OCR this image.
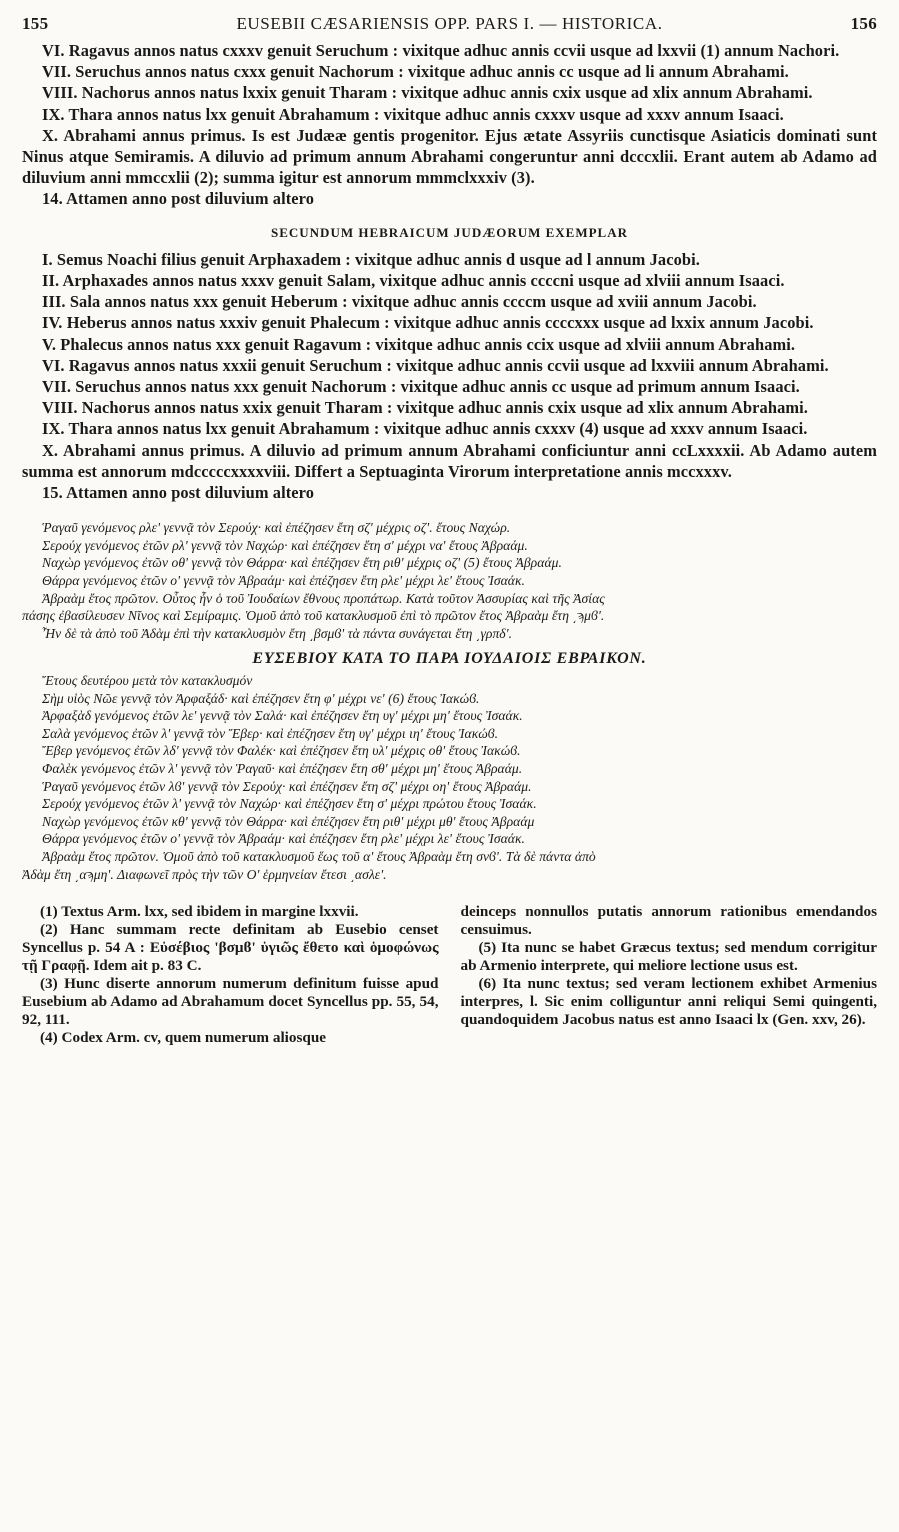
155	EUSEBII CÆSARIENSIS OPP. PARS I. — HISTORICA.	156

VI. Ragavus annos natus cxxxv genuit Seruchum : vixitque adhuc annis ccvii usque ad lxxvii (1) annum Nachori.

VII. Seruchus annos natus cxxx genuit Nachorum : vixitque adhuc annis cc usque ad li annum Abrahami.

VIII. Nachorus annos natus lxxix genuit Tharam : vixitque adhuc annis cxix usque ad xlix annum Abrahami.

IX. Thara annos natus lxx genuit Abrahamum : vixitque adhuc annis cxxxv usque ad xxxv annum Isaaci.

X. Abrahami annus primus. Is est Judææ gentis progenitor. Ejus ætate Assyriis cunctisque Asiaticis dominati sunt Ninus atque Semiramis. A diluvio ad primum annum Abrahami congeruntur anni dcccxlii. Erant autem ab Adamo ad diluvium anni mmccxlii (2); summa igitur est annorum mmmclxxxiv (3).

14. Attamen anno post diluvium altero

SECUNDUM HEBRAICUM JUDÆORUM EXEMPLAR

I. Semus Noachi filius genuit Arphaxadem : vixitque adhuc annis d usque ad l annum Jacobi.

II. Arphaxades annos natus xxxv genuit Salam, vixitque adhuc annis ccccni usque ad xlviii annum Isaaci.

III. Sala annos natus xxx genuit Heberum : vixitque adhuc annis ccccm usque ad xviii annum Jacobi.

IV. Heberus annos natus xxxiv genuit Phalecum : vixitque adhuc annis ccccxxx usque ad lxxix annum Jacobi.

V. Phalecus annos natus xxx genuit Ragavum : vixitque adhuc annis ccix usque ad xlviii annum Abrahami.

VI. Ragavus annos natus xxxii genuit Seruchum : vixitque adhuc annis ccvii usque ad lxxviii annum Abrahami.

VII. Seruchus annos natus xxx genuit Nachorum : vixitque adhuc annis cc usque ad primum annum Isaaci.

VIII. Nachorus annos natus xxix genuit Tharam : vixitque adhuc annis cxix usque ad xlix annum Abrahami.

IX. Thara annos natus lxx genuit Abrahamum : vixitque adhuc annis cxxxv (4) usque ad xxxv annum Isaaci.

X. Abrahami annus primus. A diluvio ad primum annum Abrahami conficiuntur anni ccLxxxxii. Ab Adamo autem summa est annorum mdcccccxxxxviii. Differt a Septuaginta Virorum interpretatione annis mccxxxv.

15. Attamen anno post diluvium altero

Ῥαγαῦ γενόμενος ρλε' γεννᾷ τὸν Σερούχ· καὶ ἐπέζησεν ἔτη σζ' μέχρις οζ'. ἔτους Ναχώρ.

Σερούχ γενόμενος ἐτῶν ρλ' γεννᾷ τὸν Ναχώρ· καὶ ἐπέζησεν ἔτη σ' μέχρι να' ἔτους Ἀβραάμ.

Ναχὼρ γενόμενος ἐτῶν οθ' γεννᾷ τὸν Θάρρα· καὶ ἐπέζησεν ἔτη ριθ' μέχρις οζ' (5) ἔτους Ἀβραάμ.

Θάρρα γενόμενος ἐτῶν ο' γεννᾷ τὸν Ἀβραάμ· καὶ ἐπέζησεν ἔτη ρλε' μέχρι λε' ἔτους Ἰσαάκ.

Ἀβραὰμ ἔτος πρῶτον. Οὗτος ἦν ὁ τοῦ Ἰουδαίων ἔθνους προπάτωρ. Κατὰ τοῦτον Ἀσσυρίας καὶ τῆς Ἀσίας

πάσης ἐβασίλευσεν Νῖνος καὶ Σεμίραμις. Ὁμοῦ ἀπὸ τοῦ κατακλυσμοῦ ἐπὶ τὸ πρῶτον ἔτος Ἀβραὰμ ἔτη ͵ϡμϐ'.

Ἦν δὲ τὰ ἀπὸ τοῦ Ἀδὰμ ἐπὶ τὴν κατακλυσμὸν ἔτη ͵βσμϐ' τὰ πάντα συνάγεται ἔτη ͵γρπδ'.

ΕΥΣΕΒΙΟΥ ΚΑΤΑ ΤΟ ΠΑΡΑ ΙΟΥΔΑΙΟΙΣ ΕΒΡΑΙΚΟΝ.

Ἔτους δευτέρου μετὰ τὸν κατακλυσμόν

Σὴμ υἱὸς Νῶε γεννᾷ τὸν Ἀρφαξάδ· καὶ ἐπέζησεν ἔτη φ' μέχρι νε' (6) ἔτους Ἰακώϐ.

Ἀρφαξὰδ γενόμενος ἐτῶν λε' γεννᾷ τὸν Σαλά· καὶ ἐπέζησεν ἔτη υγ' μέχρι μη' ἔτους Ἰσαάκ.

Σαλὰ γενόμενος ἐτῶν λ' γεννᾷ τὸν Ἔβερ· καὶ ἐπέζησεν ἔτη υγ' μέχρι ιη' ἔτους Ἰακώϐ.

Ἔβερ γενόμενος ἐτῶν λδ' γεννᾷ τὸν Φαλέκ· καὶ ἐπέζησεν ἔτη υλ' μέχρις οθ' ἔτους Ἰακώϐ.

Φαλὲκ γενόμενος ἐτῶν λ' γεννᾷ τὸν Ῥαγαῦ· καὶ ἐπέζησεν ἔτη σθ' μέχρι μη' ἔτους Ἀβραάμ.

Ῥαγαῦ γενόμενος ἐτῶν λϐ' γεννᾷ τὸν Σερούχ· καὶ ἐπέζησεν ἔτη σζ' μέχρι οη' ἔτους Ἀβραάμ.

Σερούχ γενόμενος ἐτῶν λ' γεννᾷ τὸν Ναχώρ· καὶ ἐπέζησεν ἔτη σ' μέχρι πρώτου ἔτους Ἰσαάκ.

Ναχὼρ γενόμενος ἐτῶν κθ' γεννᾷ τὸν Θάρρα· καὶ ἐπέζησεν ἔτη ριθ' μέχρι μθ' ἔτους Ἀβραάμ

Θάρρα γενόμενος ἐτῶν ο' γεννᾷ τὸν Ἀβραάμ· καὶ ἐπέζησεν ἔτη ρλε' μέχρι λε' ἔτους Ἰσαάκ.

Ἀβραὰμ ἔτος πρῶτον. Ὁμοῦ ἀπὸ τοῦ κατακλυσμοῦ ἕως τοῦ α' ἔτους Ἀβραὰμ ἔτη σνϐ'. Τὰ δὲ πάντα ἀπὸ

Ἀδὰμ ἔτη ͵αϡμη'. Διαφωνεῖ πρὸς τὴν τῶν Ο' ἑρμηνείαν ἔτεσι ͵ασλε'.

(1) Textus Arm. lxx, sed ibidem in margine lxxvii.

(2) Hanc summam recte definitam ab Eusebio censet Syncellus p. 54 A : Εὐσέβιος 'βσμϐ' ὑγιῶς ἔθετο καὶ ὁμοφώνως τῇ Γραφῇ. Idem ait p. 83 C.

(3) Hunc diserte annorum numerum definitum fuisse apud Eusebium ab Adamo ad Abrahamum docet Syncellus pp. 55, 54, 92, 111.

(4) Codex Arm. cv, quem numerum aliosque

deinceps nonnullos putatis annorum rationibus emendandos censuimus.

(5) Ita nunc se habet Græcus textus; sed mendum corrigitur ab Armenio interprete, qui meliore lectione usus est.

(6) Ita nunc textus; sed veram lectionem exhibet Armenius interpres, l. Sic enim colliguntur anni reliqui Semi quingenti, quandoquidem Jacobus natus est anno Isaaci lx (Gen. xxv, 26).
